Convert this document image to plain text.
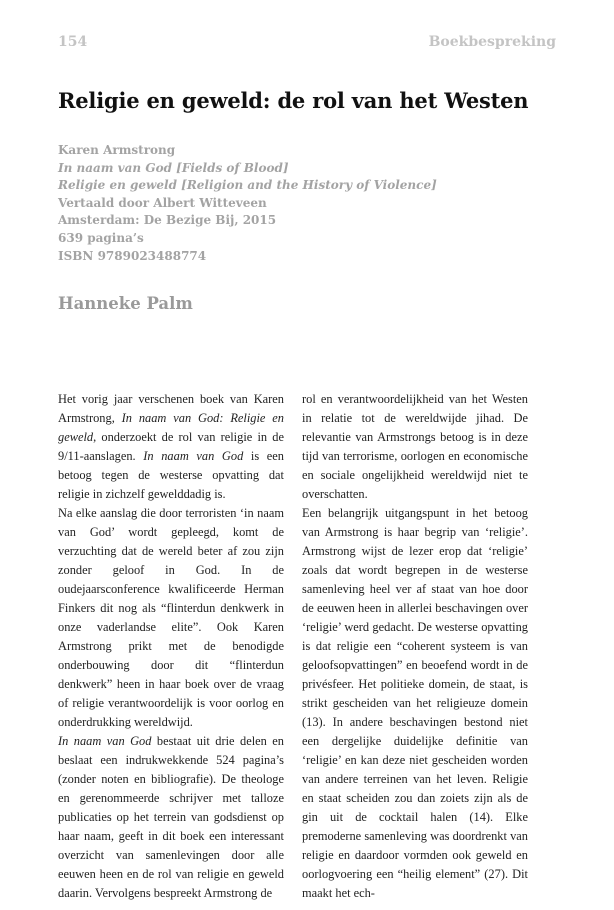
154	Boekbespreking
Religie en geweld: de rol van het Westen
Karen Armstrong
In naam van God [Fields of Blood]
Religie en geweld [Religion and the History of Violence]
Vertaald door Albert Witteveen
Amsterdam: De Bezige Bij, 2015
639 pagina’s
ISBN 9789023488774
Hanneke Palm

Het vorig jaar verschenen boek van Karen Armstrong, In naam van God: Religie en geweld, onderzoekt de rol van religie in de 9/11-aanslagen. In naam van God is een betoog tegen de westerse opvatting dat religie in zichzelf gewelddadig is.

Na elke aanslag die door terroristen ‘in naam van God’ wordt gepleegd, komt de verzuchting dat de wereld beter af zou zijn zonder geloof in God. In de oudejaarsconference kwalificeerde Herman Finkers dit nog als “flinterdun denkwerk in onze vaderlandse elite”. Ook Karen Armstrong prikt met de benodigde onderbouwing door dit “flinterdun denkwerk” heen in haar boek over de vraag of religie verantwoordelijk is voor oorlog en onderdrukking wereldwijd.

In naam van God bestaat uit drie delen en beslaat een indrukwekkende 524 pagina’s (zonder noten en bibliografie). De theologe en gerenommeerde schrijver met talloze publicaties op het terrein van godsdienst op haar naam, geeft in dit boek een interessant overzicht van samenlevingen door alle eeuwen heen en de rol van religie en geweld daarin. Vervolgens bespreekt Armstrong de

rol en verantwoordelijkheid van het Westen in relatie tot de wereldwijde jihad. De relevantie van Armstrongs betoog is in deze tijd van terrorisme, oorlogen en economische en sociale ongelijkheid wereldwijd niet te overschatten.

Een belangrijk uitgangspunt in het betoog van Armstrong is haar begrip van ‘religie’. Armstrong wijst de lezer erop dat ‘religie’ zoals dat wordt begrepen in de westerse samenleving heel ver af staat van hoe door de eeuwen heen in allerlei beschavingen over ‘religie’ werd gedacht. De westerse opvatting is dat religie een “coherent systeem is van geloofsopvattingen” en beoefend wordt in de privésfeer. Het politieke domein, de staat, is strikt gescheiden van het religieuze domein (13). In andere beschavingen bestond niet een dergelijke duidelijke definitie van ‘religie’ en kan deze niet gescheiden worden van andere terreinen van het leven. Religie en staat scheiden zou dan zoiets zijn als de gin uit de cocktail halen (14). Elke premoderne samenleving was doordrenkt van religie en daardoor vormden ook geweld en oorlogvoering een “heilig element” (27). Dit maakt het ech-
